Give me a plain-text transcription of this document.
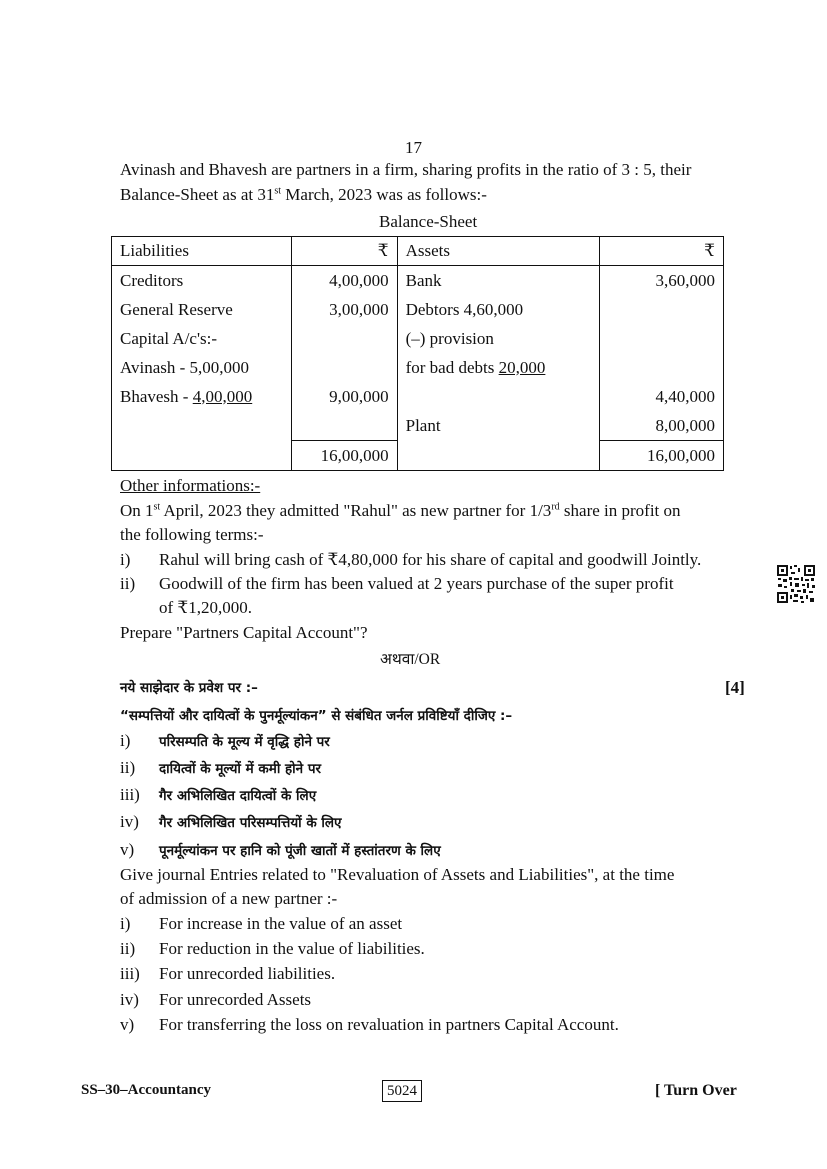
17
Avinash and Bhavesh are partners in a firm, sharing profits in the ratio of 3 : 5, their
Balance-Sheet as at 31st March, 2023 was as follows:-
Balance-Sheet
Liabilities	₹	Assets	₹
Creditors	4,00,000	Bank	3,60,000
General Reserve	3,00,000	Debtors 4,60,000	
Capital A/c's:-		(–) provision	
Avinash - 5,00,000		for bad debts 20,000	
Bhavesh - 4,00,000	9,00,000		4,40,000
		Plant	8,00,000
	16,00,000		16,00,000
Other informations:-
On 1st April, 2023 they admitted "Rahul" as new partner for 1/3rd share in profit on
the following terms:-
i) Rahul will bring cash of ₹4,80,000 for his share of capital and goodwill Jointly.
ii) Goodwill of the firm has been valued at 2 years purchase of the super profit
of ₹1,20,000.
Prepare "Partners Capital Account"?
अथवा/OR
नये साझेदार के प्रवेश पर :–	[4]
“सम्पत्तियों और दायित्वों के पुनर्मूल्यांकन” से संबंधित जर्नल प्रविष्टियाँ दीजिए :–
i) परिसम्पति के मूल्य में वृद्धि होने पर
ii) दायित्वों के मूल्यों में कमी होने पर
iii) गैर अभिलिखित दायित्वों के लिए
iv) गैर अभिलिखित परिसम्पत्तियों के लिए
v) पूनर्मूल्यांकन पर हानि को पूंजी खातों में हस्तांतरण के लिए
Give journal Entries related to "Revaluation of Assets and Liabilities", at the time
of admission of a new partner :-
i) For increase in the value of an asset
ii) For reduction in the value of liabilities.
iii) For unrecorded liabilities.
iv) For unrecorded Assets
v) For transferring the loss on revaluation in partners Capital Account.
SS–30–Accountancy	5024	[ Turn Over
